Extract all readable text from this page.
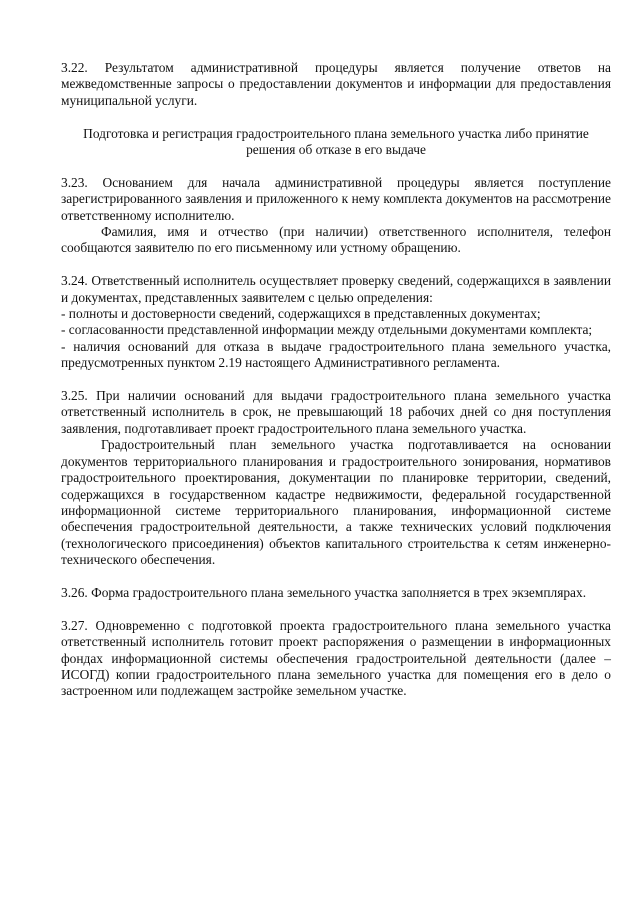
3.22. Результатом административной процедуры является получение ответов на межведомственные запросы о предоставлении документов и информации для предоставления муниципальной услуги.

Подготовка и регистрация градостроительного плана земельного участка либо принятие решения об отказе в его выдаче

3.23. Основанием для начала административной процедуры является поступление зарегистрированного заявления и приложенного к нему комплекта документов на рассмотрение ответственному исполнителю.

Фамилия, имя и отчество (при наличии) ответственного исполнителя, телефон сообщаются заявителю по его письменному или устному обращению.

3.24. Ответственный исполнитель осуществляет проверку сведений, содержащихся в заявлении и документах, представленных заявителем с целью определения:

- полноты и достоверности сведений, содержащихся в представленных документах;

- согласованности представленной информации между отдельными документами комплекта;

- наличия оснований для отказа в выдаче градостроительного плана земельного участка, предусмотренных пунктом 2.19 настоящего Административного регламента.

3.25. При наличии оснований для выдачи градостроительного плана земельного участка ответственный исполнитель в срок, не превышающий 18 рабочих дней со дня поступления заявления, подготавливает проект градостроительного плана земельного участка.

Градостроительный план земельного участка подготавливается на основании документов территориального планирования и градостроительного зонирования, нормативов градостроительного проектирования, документации по планировке территории, сведений, содержащихся в государственном кадастре недвижимости, федеральной государственной информационной системе территориального планирования, информационной системе обеспечения градостроительной деятельности, а также технических условий подключения (технологического присоединения) объектов капитального строительства к сетям инженерно-технического обеспечения.

3.26. Форма градостроительного плана земельного участка заполняется в трех экземплярах.

3.27. Одновременно с подготовкой проекта градостроительного плана земельного участка ответственный исполнитель готовит проект распоряжения о размещении в информационных фондах информационной системы обеспечения градостроительной деятельности (далее – ИСОГД) копии градостроительного плана земельного участка для помещения его в дело о застроенном или подлежащем застройке земельном участке.
